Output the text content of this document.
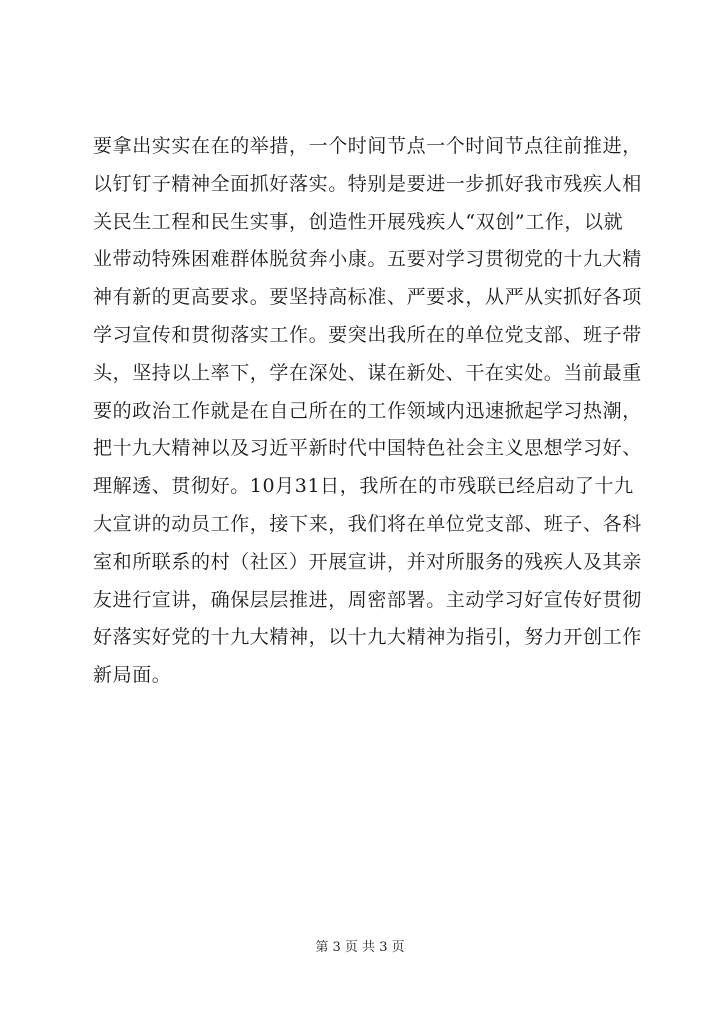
要拿出实实在在的举措，一个时间节点一个时间节点往前推进，
以钉钉子精神全面抓好落实。特别是要进一步抓好我市残疾人相
关民生工程和民生实事，创造性开展残疾人“双创”工作，以就
业带动特殊困难群体脱贫奔小康。五要对学习贯彻党的十九大精
神有新的更高要求。要坚持高标准、严要求，从严从实抓好各项
学习宣传和贯彻落实工作。要突出我所在的单位党支部、班子带
头，坚持以上率下，学在深处、谋在新处、干在实处。当前最重
要的政治工作就是在自己所在的工作领域内迅速掀起学习热潮，
把十九大精神以及习近平新时代中国特色社会主义思想学习好、
理解透、贯彻好。10月31日，我所在的市残联已经启动了十九
大宣讲的动员工作，接下来，我们将在单位党支部、班子、各科
室和所联系的村（社区）开展宣讲，并对所服务的残疾人及其亲
友进行宣讲，确保层层推进，周密部署。主动学习好宣传好贯彻
好落实好党的十九大精神，以十九大精神为指引，努力开创工作
新局面。
第 3 页 共 3 页
